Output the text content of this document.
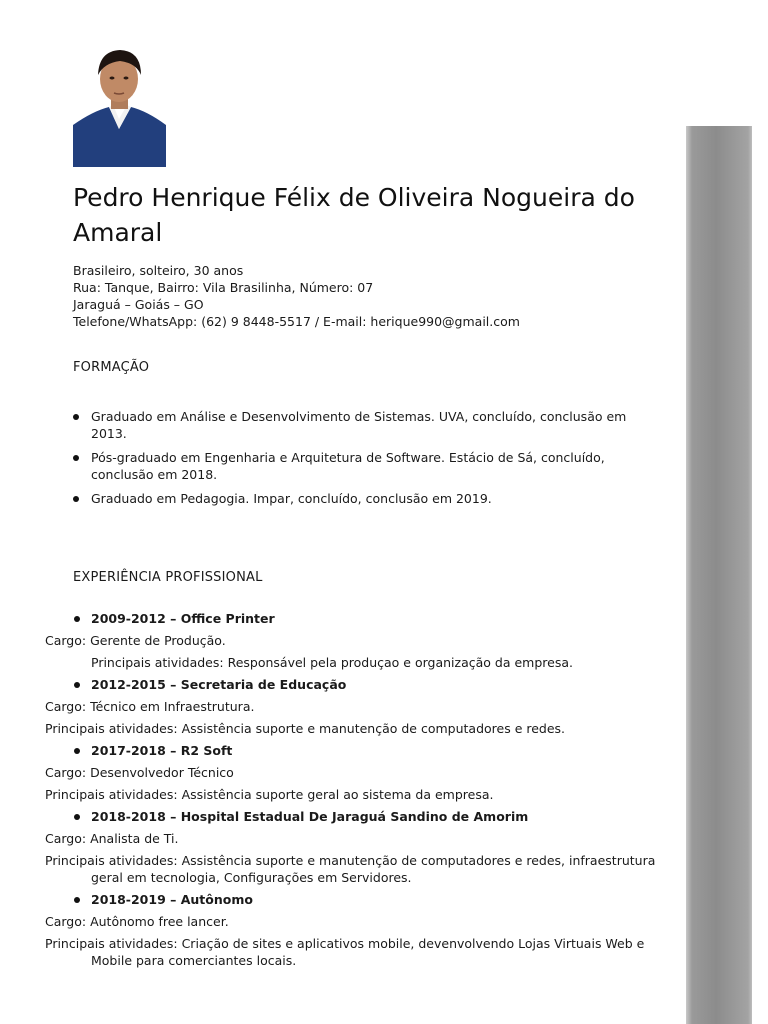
Pedro Henrique Félix de Oliveira Nogueira do Amaral
Brasileiro, solteiro, 30 anos
Rua: Tanque, Bairro: Vila Brasilinha, Número: 07
Jaraguá – Goiás – GO
Telefone/WhatsApp: (62) 9 8448-5517 / E-mail: herique990@gmail.com
FORMAÇÃO
Graduado em Análise e Desenvolvimento de Sistemas. UVA, concluído, conclusão em 2013.
Pós-graduado em Engenharia e Arquitetura de Software. Estácio de Sá, concluído, conclusão em 2018.
Graduado em Pedagogia. Impar, concluído, conclusão em 2019.
EXPERIÊNCIA PROFISSIONAL
2009-2012 – Office Printer
Cargo: Gerente de Produção.
Principais atividades: Responsável pela produçao e organização da empresa.
2012-2015 – Secretaria de Educação
Cargo: Técnico em Infraestrutura.
Principais atividades: Assistência suporte e manutenção de computadores e redes.
2017-2018 – R2 Soft
Cargo: Desenvolvedor Técnico
Principais atividades: Assistência suporte geral ao sistema da empresa.
2018-2018 – Hospital Estadual De Jaraguá Sandino de Amorim
Cargo: Analista de Ti.
Principais atividades: Assistência suporte e manutenção de computadores e redes, infraestrutura geral em tecnologia, Configurações em Servidores.
2018-2019 – Autônomo
Cargo: Autônomo free lancer.
Principais atividades: Criação de sites e aplicativos mobile, devenvolvendo Lojas Virtuais Web e Mobile para comerciantes locais.
